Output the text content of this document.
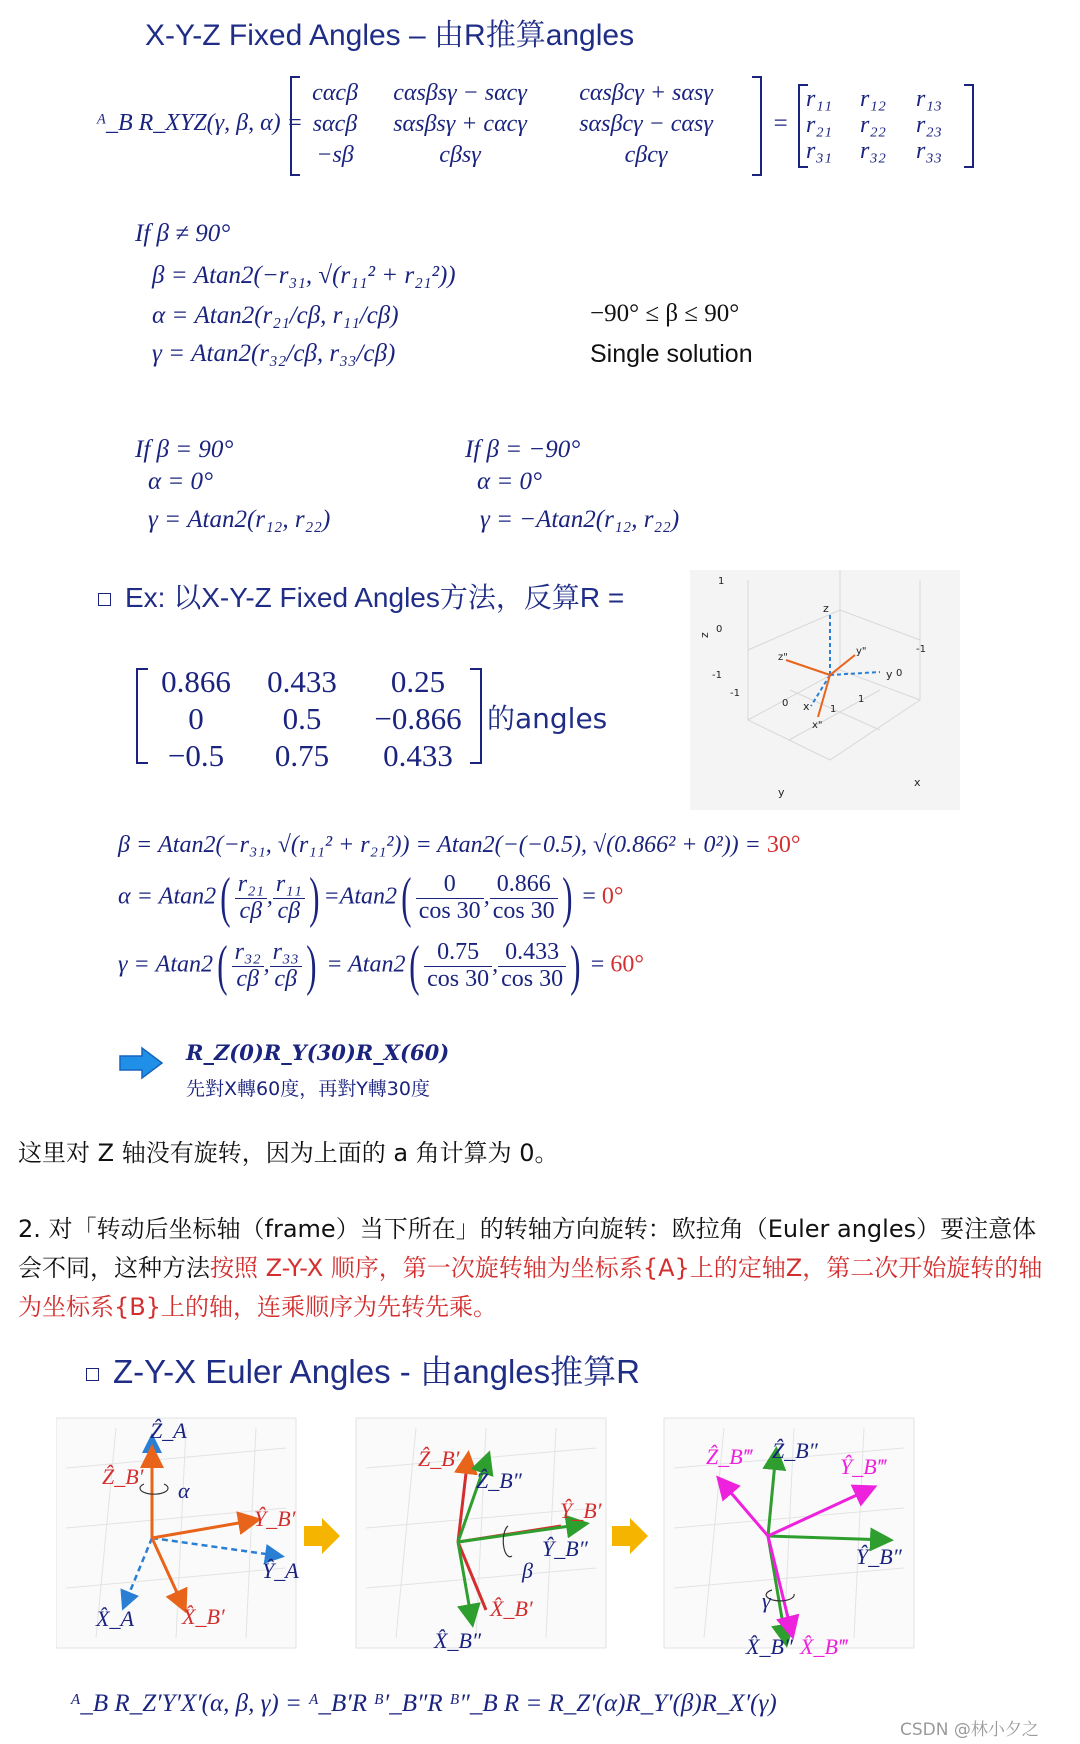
X-Y-Z Fixed Angles – 由R推算angles
ᴬ_B R_XYZ(γ, β, α) =
cαcβ	cαsβsγ − sαcγ	cαsβcγ + sαsγ
sαcβ	sαsβsγ + cαcγ	sαsβcγ − cαsγ
−sβ	cβsγ	cβcγ
=
r₁₁	r₁₂	r₁₃
r₂₁	r₂₂	r₂₃
r₃₁	r₃₂	r₃₃
If β ≠ 90°
β = Atan2(−r₃₁, √(r₁₁² + r₂₁²))
α = Atan2(r₂₁/cβ, r₁₁/cβ)
γ = Atan2(r₃₂/cβ, r₃₃/cβ)
−90° ≤ β ≤ 90°
Single solution
If β = 90°
α = 0°
γ = Atan2(r₁₂, r₂₂)
If β = −90°
α = 0°
γ = −Atan2(r₁₂, r₂₂)
Ex: 以X-Y-Z Fixed Angles方法，反算R =
0.866	0.433	0.25
0	0.5	−0.866
−0.5	0.75	0.433
的angles
z
y
x
z"
y"
x"
z
1
0
-1
-1
0
1
1
0
-1
y
x
β = Atan2(−r₃₁, √(r₁₁² + r₂₁²)) = Atan2(−(−0.5), √(0.866² + 0²)) = 30°
$\alpha = Atan2( \frac{\text{r₂₁}}{c\beta}$ , $\frac{\text{r₁₁}}{c\beta}$ ) $=Atan2( \frac{0}{\cos 30}$ , $\frac{0.866}{\cos 30}$ ) = 0°
$\gamma = Atan2( \frac{\text{r₃₂}}{c\beta}$ , $\frac{\text{r₃₃}}{c\beta}$ ) = $Atan2( \frac{0.75}{\cos 30}$ , $\frac{0.433}{\cos 30}$ ) = 60°
R_Z(0)R_Y(30)R_X(60)
先對X轉60度，再對Y轉30度
这里对 Z 轴没有旋转，因为上面的 a 角计算为 0。
2. 对「转动后坐标轴（frame）当下所在」的转轴方向旋转：欧拉角（Euler angles）要注意体会不同，这种方法按照 Z-Y-X 顺序，第一次旋转轴为坐标系{A}上的定轴Z，第二次开始旋转的轴为坐标系{B}上的轴，连乘顺序为先转先乘。
Z-Y-X Euler Angles - 由angles推算R
Ẑ_A
Ẑ_B′
α
Ŷ_B′
Ŷ_A
X̂_A X̂_B′
Ẑ_B′
Ẑ_B″
Ŷ_B′
Ŷ_B″
β
X̂_B′
X̂_B″
Ẑ_B‴ Ẑ_B″
Ŷ_B‴
Ŷ_B″
γ
X̂_B″ X̂_B‴
ᴬ_B R_Z′Y′X′(α, β, γ) = ᴬ_B′R ᴮ′_B″R ᴮ″_B R = R_Z′(α)R_Y′(β)R_X′(γ)
CSDN @林小夕之
